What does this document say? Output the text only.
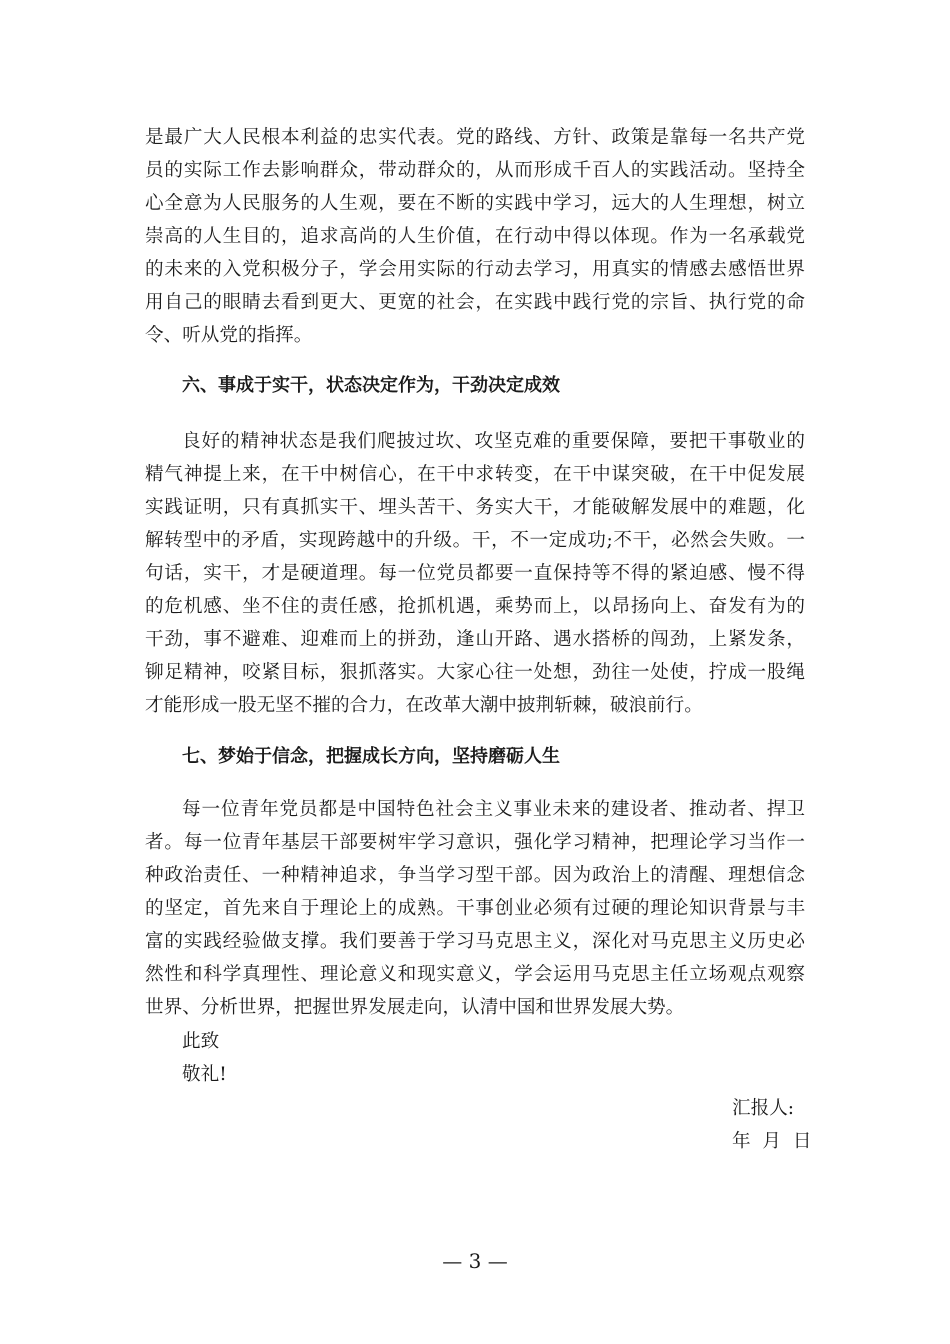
是最广大人民根本利益的忠实代表。党的路线、方针、政策是靠每一名共产党
员的实际工作去影响群众，带动群众的，从而形成千百人的实践活动。坚持全
心全意为人民服务的人生观，要在不断的实践中学习，远大的人生理想，树立
崇高的人生目的，追求高尚的人生价值，在行动中得以体现。作为一名承载党
的未来的入党积极分子，学会用实际的行动去学习，用真实的情感去感悟世界
用自己的眼睛去看到更大、更宽的社会，在实践中践行党的宗旨、执行党的命
令、听从党的指挥。
六、事成于实干，状态决定作为，干劲决定成效
良好的精神状态是我们爬披过坎、攻坚克难的重要保障，要把干事敬业的
精气神提上来，在干中树信心，在干中求转变，在干中谋突破，在干中促发展
实践证明，只有真抓实干、埋头苦干、务实大干，才能破解发展中的难题，化
解转型中的矛盾，实现跨越中的升级。干，不一定成功;不干，必然会失败。一
句话，实干，才是硬道理。每一位党员都要一直保持等不得的紧迫感、慢不得
的危机感、坐不住的责任感，抢抓机遇，乘势而上，以昂扬向上、奋发有为的
干劲，事不避难、迎难而上的拼劲，逢山开路、遇水搭桥的闯劲，上紧发条，
铆足精神，咬紧目标，狠抓落实。大家心往一处想，劲往一处使，拧成一股绳
才能形成一股无坚不摧的合力，在改革大潮中披荆斩棘，破浪前行。
七、梦始于信念，把握成长方向，坚持磨砺人生
每一位青年党员都是中国特色社会主义事业未来的建设者、推动者、捍卫
者。每一位青年基层干部要树牢学习意识，强化学习精神，把理论学习当作一
种政治责任、一种精神追求，争当学习型干部。因为政治上的清醒、理想信念
的坚定，首先来自于理论上的成熟。干事创业必须有过硬的理论知识背景与丰
富的实践经验做支撑。我们要善于学习马克思主义，深化对马克思主义历史必
然性和科学真理性、理论意义和现实意义，学会运用马克思主任立场观点观察
世界、分析世界，把握世界发展走向，认清中国和世界发展大势。
此致
敬礼!
汇报人:
年  月  日
— 3 —
